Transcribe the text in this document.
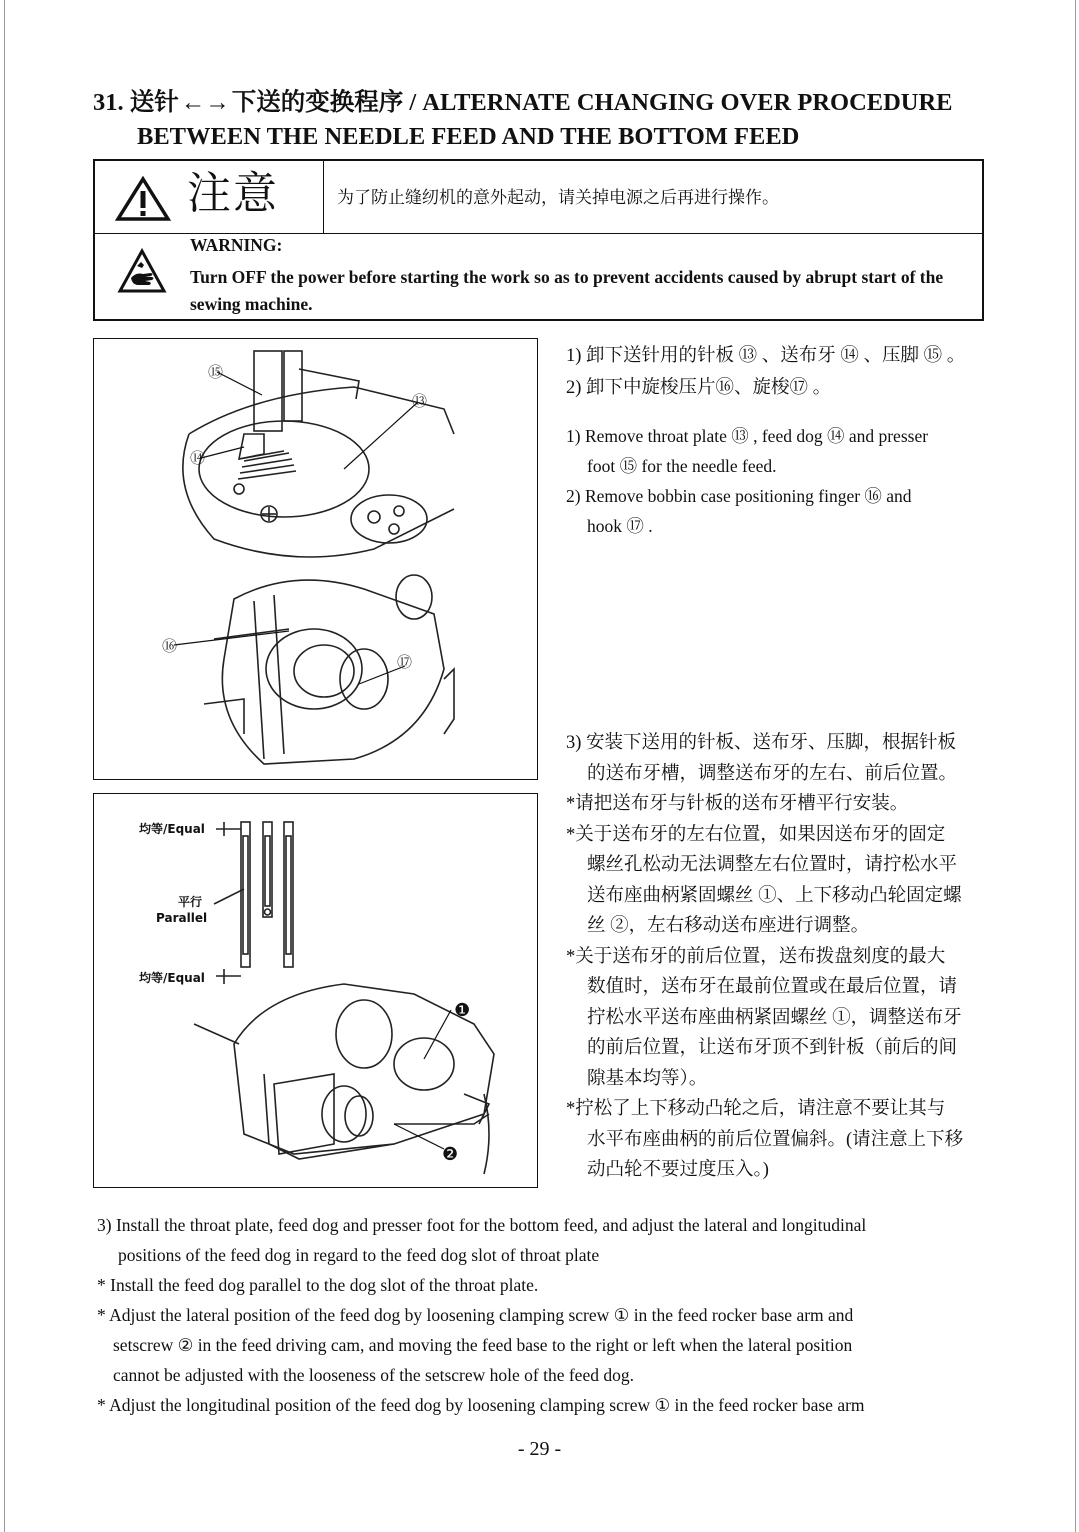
31. 送针←→下送的变换程序 / ALTERNATE CHANGING OVER PROCEDURE
BETWEEN THE NEEDLE FEED AND THE BOTTOM FEED
注意	为了防止缝纫机的意外起动，请关掉电源之后再进行操作。
WARNING:
Turn OFF the power before starting the work so as to prevent accidents caused by abrupt start of the sewing machine.
⑮
⑬
⑭
⑯
⑰
均等/Equal
平行
Parallel
均等/Equal
❶
❷
1) 卸下送针用的针板 ⑬ 、送布牙 ⑭ 、压脚 ⑮ 。
2) 卸下中旋梭压片⑯、旋梭⑰ 。
1) Remove throat plate ⑬ , feed dog ⑭ and presser
foot ⑮ for the needle feed.
2) Remove bobbin case positioning finger ⑯ and
hook ⑰ .

3) 安装下送用的针板、送布牙、压脚，根据针板

的送布牙槽，调整送布牙的左右、前后位置。

*请把送布牙与针板的送布牙槽平行安装。

*关于送布牙的左右位置，如果因送布牙的固定

螺丝孔松动无法调整左右位置时，请拧松水平

送布座曲柄紧固螺丝 ①、上下移动凸轮固定螺

丝 ②，左右移动送布座进行调整。

*关于送布牙的前后位置，送布拨盘刻度的最大

数值时，送布牙在最前位置或在最后位置，请

拧松水平送布座曲柄紧固螺丝 ①，调整送布牙

的前后位置，让送布牙顶不到针板（前后的间

隙基本均等）。

*拧松了上下移动凸轮之后，请注意不要让其与

水平布座曲柄的前后位置偏斜。(请注意上下移

动凸轮不要过度压入。)

3) Install the throat plate, feed dog and presser foot for the bottom feed, and adjust the lateral and longitudinal

positions of the feed dog in regard to the feed dog slot of throat plate

* Install the feed dog parallel to the dog slot of the throat plate.

* Adjust the lateral position of the feed dog by loosening clamping screw ① in the feed rocker base arm and

setscrew ② in the feed driving cam, and moving the feed base to the right or left when the lateral position

cannot be adjusted with the looseness of the setscrew hole of the feed dog.

* Adjust the longitudinal position of the feed dog by loosening clamping screw ① in the feed rocker base arm

- 29 -
